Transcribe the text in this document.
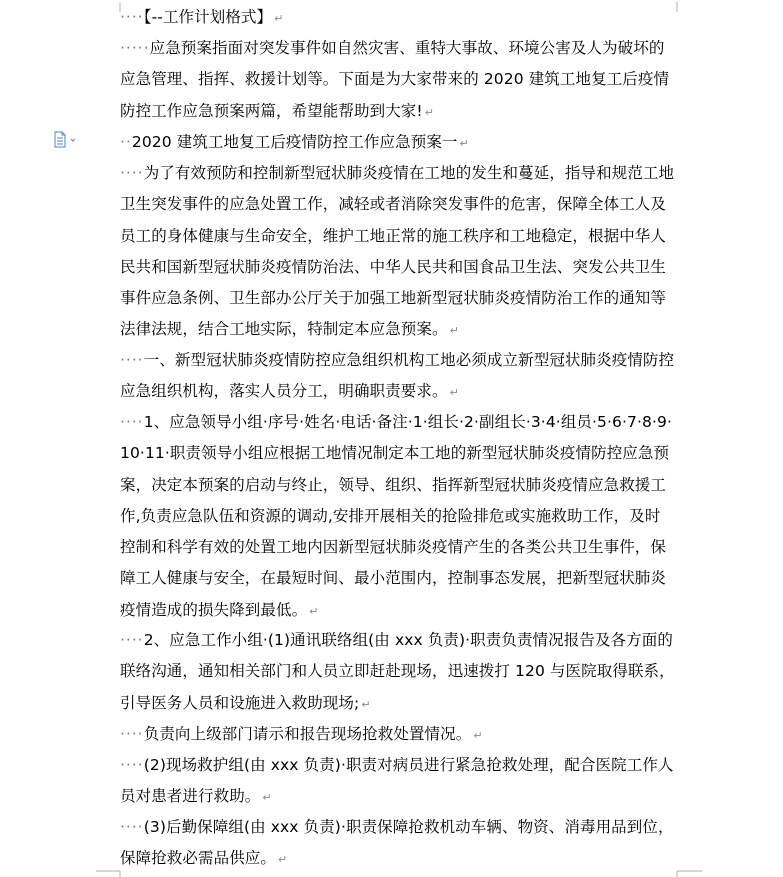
····【--工作计划格式】 ↵
·····应急预案指面对突发事件如自然灾害、重特大事故、环境公害及人为破坏的应急管理、指挥、救援计划等。下面是为大家带来的 2020 建筑工地复工后疫情防控工作应急预案两篇，希望能帮助到大家! ↵
··2020 建筑工地复工后疫情防控工作应急预案一 ↵
····为了有效预防和控制新型冠状肺炎疫情在工地的发生和蔓延，指导和规范工地卫生突发事件的应急处置工作，减轻或者消除突发事件的危害，保障全体工人及员工的身体健康与生命安全，维护工地正常的施工秩序和工地稳定，根据中华人民共和国新型冠状肺炎疫情防治法、中华人民共和国食品卫生法、突发公共卫生事件应急条例、卫生部办公厅关于加强工地新型冠状肺炎疫情防治工作的通知等法律法规，结合工地实际，特制定本应急预案。 ↵
····一、新型冠状肺炎疫情防控应急组织机构工地必须成立新型冠状肺炎疫情防控应急组织机构，落实人员分工，明确职责要求。 ↵
····1、应急领导小组·序号·姓名·电话·备注·1·组长·2·副组长·3·4·组员·5·6·7·8·9·10·11·职责领导小组应根据工地情况制定本工地的新型冠状肺炎疫情防控应急预案，决定本预案的启动与终止，领导、组织、指挥新型冠状肺炎疫情应急救援工作,负责应急队伍和资源的调动,安排开展相关的抢险排危或实施救助工作，及时控制和科学有效的处置工地内因新型冠状肺炎疫情产生的各类公共卫生事件，保障工人健康与安全，在最短时间、最小范围内，控制事态发展，把新型冠状肺炎疫情造成的损失降到最低。 ↵
····2、应急工作小组·(1)通讯联络组(由 xxx 负责)·职责负责情况报告及各方面的联络沟通，通知相关部门和人员立即赶赴现场，迅速拨打 120 与医院取得联系，引导医务人员和设施进入救助现场; ↵
····负责向上级部门请示和报告现场抢救处置情况。 ↵
····(2)现场救护组(由 xxx 负责)·职责对病员进行紧急抢救处理，配合医院工作人员对患者进行救助。 ↵
····(3)后勤保障组(由 xxx 负责)·职责保障抢救机动车辆、物资、消毒用品到位，保障抢救必需品供应。 ↵
